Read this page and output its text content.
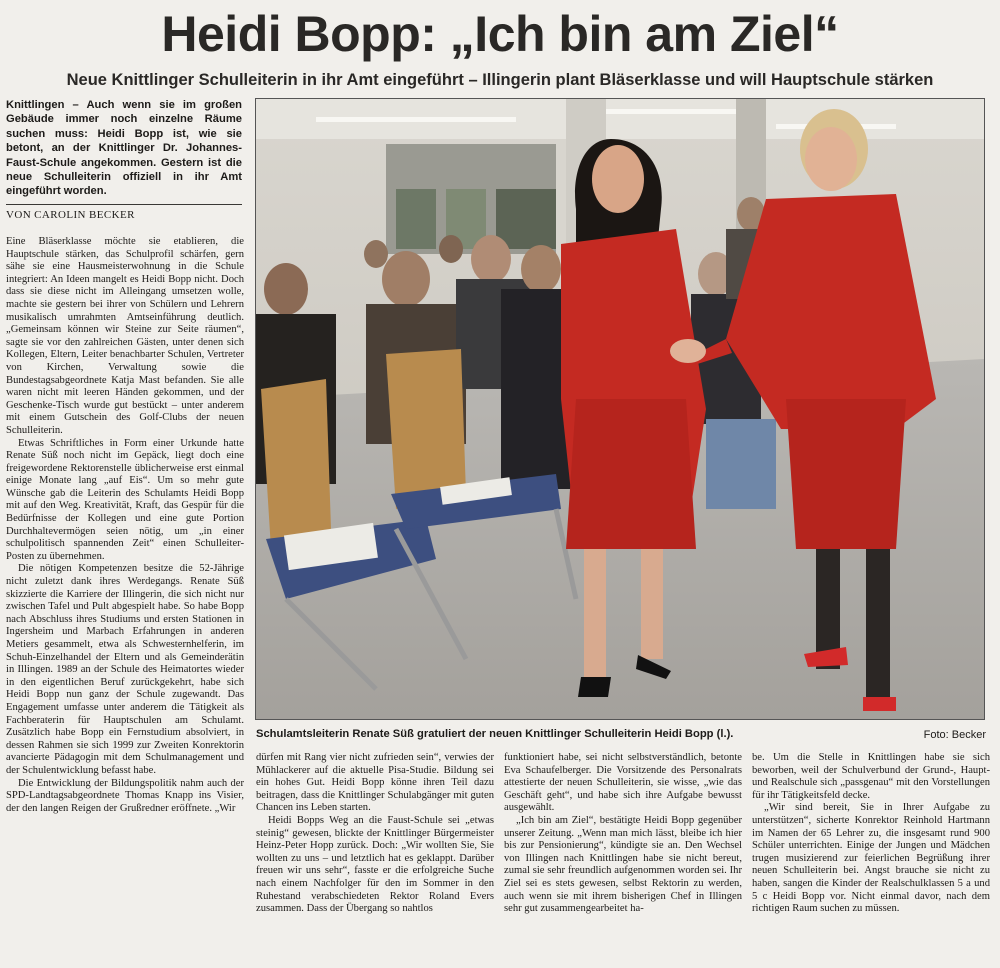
Heidi Bopp: „Ich bin am Ziel“
Neue Knittlinger Schulleiterin in ihr Amt eingeführt – Illingerin plant Bläserklasse und will Hauptschule stärken
Knittlingen – Auch wenn sie im großen Gebäude immer noch einzelne Räume suchen muss: Heidi Bopp ist, wie sie betont, an der Knittlinger Dr. Johannes-Faust-Schule angekommen. Gestern ist die neue Schulleiterin offiziell in ihr Amt eingeführt worden.
VON CAROLIN BECKER

Eine Bläserklasse möchte sie etablieren, die Hauptschule stärken, das Schulprofil schärfen, gern sähe sie eine Hausmeisterwohnung in die Schule integriert: An Ideen mangelt es Heidi Bopp nicht. Doch dass sie diese nicht im Alleingang umsetzen wolle, machte sie gestern bei ihrer von Schülern und Lehrern musikalisch umrahmten Amtseinführung deutlich. „Gemeinsam können wir Steine zur Seite räumen“, sagte sie vor den zahlreichen Gästen, unter denen sich Kollegen, Eltern, Leiter benachbarter Schulen, Vertreter von Kirchen, Verwaltung sowie die Bundestagsabgeordnete Katja Mast befanden. Sie alle waren nicht mit leeren Händen gekommen, und der Geschenke-Tisch wurde gut bestückt – unter anderem mit einem Gutschein des Golf-Clubs der neuen Schulleiterin.

Etwas Schriftliches in Form einer Urkunde hatte Renate Süß noch nicht im Gepäck, liegt doch eine freigewordene Rektorenstelle üblicherweise erst einmal einige Monate lang „auf Eis“. Um so mehr gute Wünsche gab die Leiterin des Schulamts Heidi Bopp mit auf den Weg. Kreativität, Kraft, das Gespür für die Bedürfnisse der Kollegen und eine gute Portion Durchhaltevermögen seien nötig, um „in einer schulpolitisch spannenden Zeit“ einen Schulleiter-Posten zu übernehmen.

Die nötigen Kompetenzen besitze die 52-Jährige nicht zuletzt dank ihres Werdegangs. Renate Süß skizzierte die Karriere der Illingerin, die sich nicht nur zwischen Tafel und Pult abgespielt habe. So habe Bopp nach Abschluss ihres Studiums und ersten Stationen in Ingersheim und Marbach Erfahrungen in anderen Metiers gesammelt, etwa als Schwesternhelferin, im Schuh-Einzelhandel der Eltern und als Gemeinderätin in Illingen. 1989 an der Schule des Heimatortes wieder in den eigentlichen Beruf zurückgekehrt, habe sich Heidi Bopp nun ganz der Schule zugewandt. Das Engagement umfasse unter anderem die Tätigkeit als Fachberaterin für Hauptschulen am Schulamt. Zusätzlich habe Bopp ein Fernstudium absolviert, in dessen Rahmen sie sich 1999 zur Zweiten Konrektorin avancierte Pädagogin mit dem Schulmanagement und der Schulentwicklung befasst habe.

Die Entwicklung der Bildungspolitik nahm auch der SPD-Landtagsabgeordnete Thomas Knapp ins Visier, der den langen Reigen der Grußredner eröffnete. „Wir

Schulamtsleiterin Renate Süß gratuliert der neuen Knittlinger Schulleiterin Heidi Bopp (l.).	Foto: Becker

dürfen mit Rang vier nicht zufrieden sein“, verwies der Mühlackerer auf die aktuelle Pisa-Studie. Bildung sei ein hohes Gut. Heidi Bopp könne ihren Teil dazu beitragen, dass die Knittlinger Schulabgänger mit guten Chancen ins Leben starten.

Heidi Bopps Weg an die Faust-Schule sei „etwas steinig“ gewesen, blickte der Knittlinger Bürgermeister Heinz-Peter Hopp zurück. Doch: „Wir wollten Sie, Sie wollten zu uns – und letztlich hat es geklappt. Darüber freuen wir uns sehr“, fasste er die erfolgreiche Suche nach einem Nachfolger für den im Sommer in den Ruhestand verabschiedeten Rektor Roland Evers zusammen. Dass der Übergang so nahtlos

funktioniert habe, sei nicht selbstverständlich, betonte Eva Schaufelberger. Die Vorsitzende des Personalrats attestierte der neuen Schulleiterin, sie wisse, „wie das Geschäft geht“, und habe sich ihre Aufgabe bewusst ausgewählt.

„Ich bin am Ziel“, bestätigte Heidi Bopp gegenüber unserer Zeitung. „Wenn man mich lässt, bleibe ich hier bis zur Pensionierung“, kündigte sie an. Den Wechsel von Illingen nach Knittlingen habe sie nicht bereut, zumal sie sehr freundlich aufgenommen worden sei. Ihr Ziel sei es stets gewesen, selbst Rektorin zu werden, auch wenn sie mit ihrem bisherigen Chef in Illingen sehr gut zusammengearbeitet ha-

be. Um die Stelle in Knittlingen habe sie sich beworben, weil der Schulverbund der Grund-, Haupt- und Realschule sich „passgenau“ mit den Vorstellungen für ihr Tätigkeitsfeld decke.

„Wir sind bereit, Sie in Ihrer Aufgabe zu unterstützen“, sicherte Konrektor Reinhold Hartmann im Namen der 65 Lehrer zu, die insgesamt rund 900 Schüler unterrichten. Einige der Jungen und Mädchen trugen musizierend zur feierlichen Begrüßung ihrer neuen Schulleiterin bei. Angst brauche sie nicht zu haben, sangen die Kinder der Realschulklassen 5 a und 5 c Heidi Bopp vor. Nicht einmal davor, nach dem richtigen Raum suchen zu müssen.
